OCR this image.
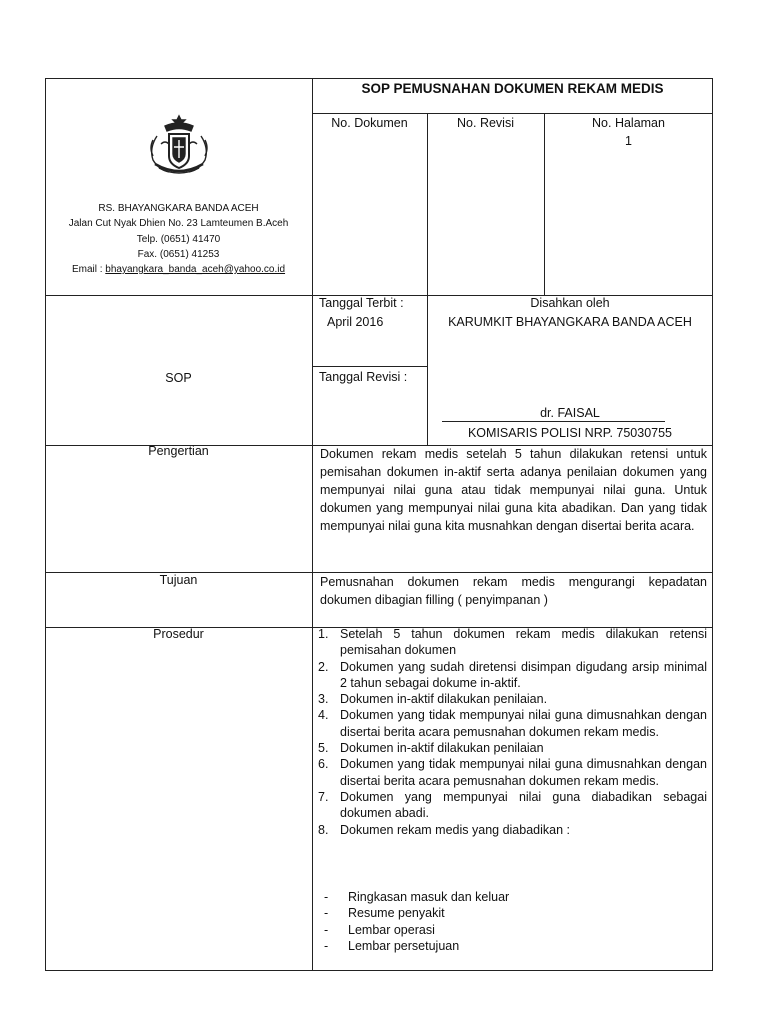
SOP PEMUSNAHAN DOKUMEN REKAM MEDIS
No. Dokumen	No. Revisi	No. Halaman
1
RS. BHAYANGKARA BANDA ACEH
Jalan Cut Nyak Dhien No. 23 Lamteumen B.Aceh
Telp. (0651) 41470
Fax. (0651) 41253
Email : bhayangkara_banda_aceh@yahoo.co.id
SOP
Tanggal Terbit :
April 2016
Tanggal Revisi :
Disahkan oleh
KARUMKIT BHAYANGKARA BANDA ACEH
dr. FAISAL
KOMISARIS POLISI NRP. 75030755
Pengertian	Dokumen rekam medis setelah 5 tahun dilakukan retensi untuk pemisahan dokumen in-aktif serta adanya penilaian dokumen yang mempunyai nilai guna atau tidak mempunyai nilai guna. Untuk dokumen yang mempunyai nilai guna kita abadikan. Dan yang tidak mempunyai nilai guna kita musnahkan dengan disertai berita acara.
Tujuan	Pemusnahan dokumen rekam medis mengurangi kepadatan dokumen dibagian filling ( penyimpanan )
Prosedur	1. Setelah 5 tahun dokumen rekam medis dilakukan retensi pemisahan dokumen
2. Dokumen yang sudah diretensi disimpan digudang arsip minimal 2 tahun sebagai dokume in-aktif.
3. Dokumen in-aktif dilakukan penilaian.
4. Dokumen yang tidak mempunyai nilai guna dimusnahkan dengan disertai berita acara pemusnahan dokumen rekam medis.
5. Dokumen in-aktif dilakukan penilaian
6. Dokumen yang tidak mempunyai nilai guna dimusnahkan dengan disertai berita acara pemusnahan dokumen rekam medis.
7. Dokumen yang mempunyai nilai guna diabadikan sebagai dokumen abadi.
8. Dokumen rekam medis yang diabadikan :
- Ringkasan masuk dan keluar
- Resume penyakit
- Lembar operasi
- Lembar persetujuan
